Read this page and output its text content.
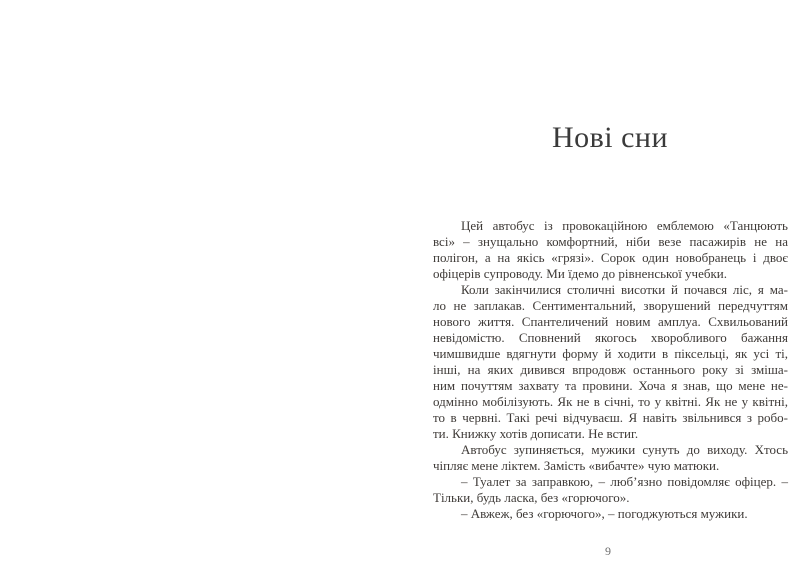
Нові сни
Цей автобус із провокаційною емблемою «Танцюють
всі» – знущально комфортний, ніби везе пасажирів не на
полігон, а на якісь «грязі». Сорок один новобранець і двоє
офіцерів супроводу. Ми їдемо до рівненської учебки.
Коли закінчилися столичні висотки й почався ліс, я ма-
ло не заплакав. Сентиментальний, зворушений передчуттям
нового життя. Спантеличений новим амплуа. Схвильований
невідомістю. Сповнений якогось хворобливого бажання
чимшвидше вдягнути форму й ходити в піксельці, як усі ті,
інші, на яких дивився впродовж останнього року зі зміша-
ним почуттям захвату та провини. Хоча я знав, що мене не-
одмінно мобілізують. Як не в січні, то у квітні. Як не у квітні,
то в червні. Такі речі відчуваєш. Я навіть звільнився з робо-
ти. Книжку хотів дописати. Не встиг.
Автобус зупиняється, мужики сунуть до виходу. Хтось
чіпляє мене ліктем. Замість «вибачте» чую матюки.
– Туалет за заправкою, – люб’язно повідомляє офіцер. –
Тільки, будь ласка, без «горючого».
– Авжеж, без «горючого», – погоджуються мужики.
9
